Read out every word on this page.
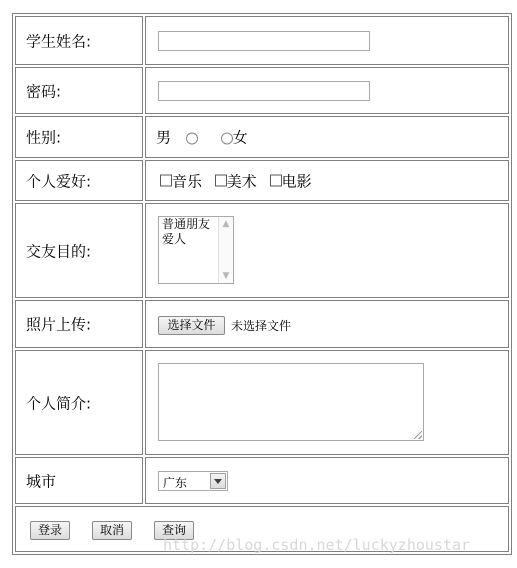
学生姓名:
密码:
性别:	男	女
个人爱好:	音乐 美术 电影
交友目的:
普通朋友
爱人
▲
▼
照片上传:	选择文件	未选择文件
个人简介:
城市	广东
登录	取消	查询
http://blog.csdn.net/luckyzhoustar
